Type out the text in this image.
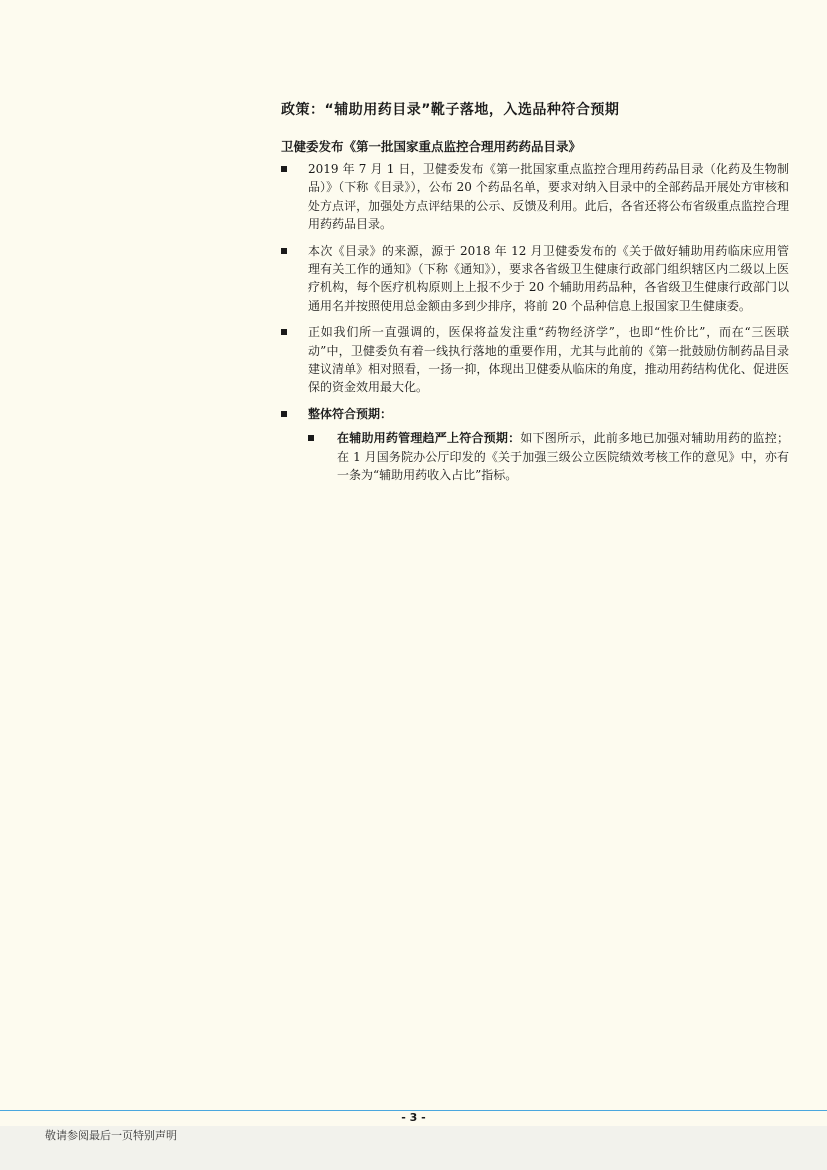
政策：“辅助用药目录”靴子落地，入选品种符合预期
卫健委发布《第一批国家重点监控合理用药药品目录》
2019 年 7 月 1 日，卫健委发布《第一批国家重点监控合理用药药品目录（化药及生物制品）》（下称《目录》），公布 20 个药品名单，要求对纳入目录中的全部药品开展处方审核和处方点评，加强处方点评结果的公示、反馈及利用。此后，各省还将公布省级重点监控合理用药药品目录。
本次《目录》的来源，源于 2018 年 12 月卫健委发布的《关于做好辅助用药临床应用管理有关工作的通知》（下称《通知》），要求各省级卫生健康行政部门组织辖区内二级以上医疗机构，每个医疗机构原则上上报不少于 20 个辅助用药品种，各省级卫生健康行政部门以通用名并按照使用总金额由多到少排序，将前 20 个品种信息上报国家卫生健康委。
正如我们所一直强调的，医保将益发注重“药物经济学”，也即“性价比”，而在“三医联动”中，卫健委负有着一线执行落地的重要作用，尤其与此前的《第一批鼓励仿制药品目录建议清单》相对照看，一扬一抑，体现出卫健委从临床的角度，推动用药结构优化、促进医保的资金效用最大化。
整体符合预期：
在辅助用药管理趋严上符合预期：如下图所示，此前多地已加强对辅助用药的监控；在 1 月国务院办公厅印发的《关于加强三级公立医院绩效考核工作的意见》中，亦有一条为“辅助用药收入占比”指标。
- 3 -
敬请参阅最后一页特别声明
